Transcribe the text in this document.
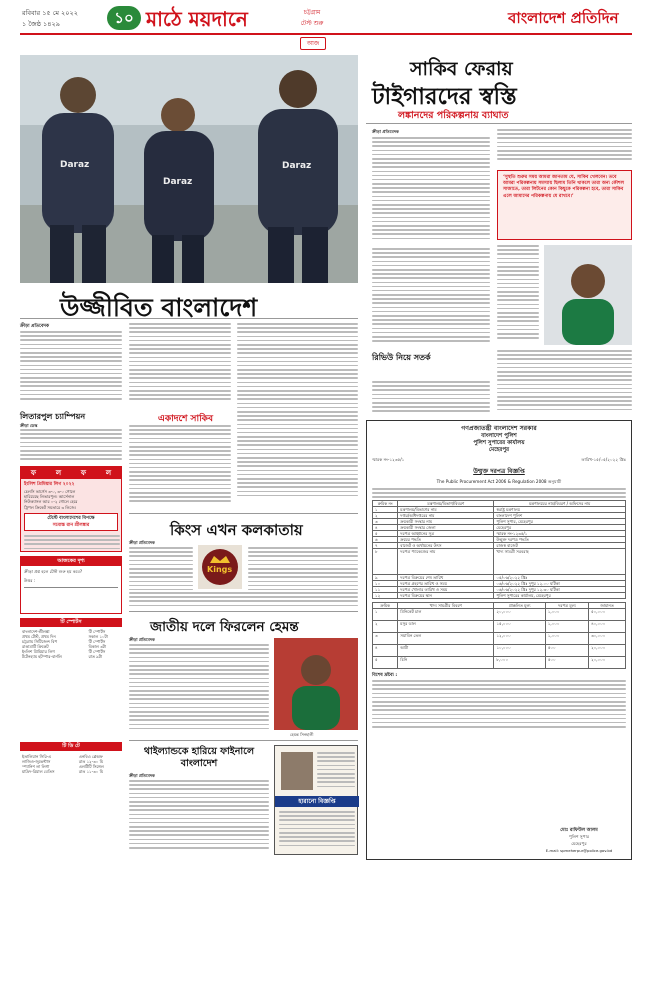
রবিবার ১৫ মে ২০২২
১ জৈষ্ঠ ১৪২৯	১০ মাঠে ময়দানে	চট্টগ্রাম
টেস্ট শুরু	বাংলাদেশ প্রতিদিন
আজ
Daraz
Daraz
Daraz
উজ্জীবিত বাংলাদেশ
ক্রীড়া প্রতিবেদক
একাদশে সাকিব
লিতারপুল চ্যাম্পিয়ন
ক্রীড়া ডেস্ক
ফ	ল	ফ	ল
ইংলিশ প্রিমিয়ার লিগ ২০২২
চেলসি ভার্সেস ৩-০, ৩-০ গোলে
হারিয়েছে লিভারপুল। আর্সেনাল
নিউক্যাসল আর ০-২ গোলে হেরে
ট্রিপল ক্রিকেট সমতারে ৩ লিজে।
টেস্টে বাংলাদেশের বিপক্ষে
সবোচ্চ রান শ্রীলঙ্কার
আজকের দৃশ্য
ক্রীড়া প্রশ্ন হলে টেস্ট শুরু হয় কবে?
উত্তর :
টি স্পোর্টস
বাংলাদেশ-শ্রীলঙ্কা	টি স্পোর্টস
প্রথম টেস্ট, প্রথম দিন	সকাল ১০টা
চট্টগ্রাম সিটিজেন্স বিপ	টি স্পোর্টস
রাঙামাটি ক্রিকেট	বিকাল ৩টা
ইংলিশ প্রিমিয়ার লিগ	টি স্পোর্টস
টটেনহ্যাম হটস্পার-বার্নলি	রাত ৯টা
টি ডি টে
ইতালিয়ান সিরি-এ	এনবিএ প্লেঅফ
লাজিও-জুভেন্টাস	রাত ১২-৩০ মি
স্প্যানিশ লা লিগা	এলটিটি সিঙ্গেল
মাদ্রিদ-রিয়াল বেতিস	রাত ১১-৩০ মি
কিংস এখন কলকাতায়
ক্রীড়া প্রতিবেদক
Kings
জাতীয় দলে ফিরলেন হেমন্ত
ক্রীড়া প্রতিবেদক
হেমন্ত সিনহালী
থাইল্যান্ডকে হারিয়ে ফাইনালে বাংলাদেশ
ক্রীড়া প্রতিবেদক
হারানো বিজ্ঞপ্তি
সাকিব ফেরায়
টাইগারদের স্বস্তি
লঙ্কানদের পরিকল্পনায় ব্যাঘাত
ক্রীড়া প্রতিবেদক
‘সুস্থতি শুরুর সময় আমরা জানতাম যে, সাকিব খেলবেন। তবে আমরা পরিকল্পনায় সমস্যায় ছিলাম তিনি থাকলে তারা অন্য কৌশল সাজাতে, তারা লিটনের কোন কিছুকে পরিকল্পনা হবে, তারা সাকিব এলে আমাদের পরিকল্পনায় যে রাখবে।’
রিভিউ নিয়ে সতর্ক
গণপ্রজাতন্ত্রী বাংলাদেশ সরকার
বাংলাদেশ পুলিশ
পুলিশ সুপারের কার্যালয়
মেহেরপুর
স্মারক নং-১২৩৫/১	তারিখ-১৫/০৫/২০২২ খ্রিঃ
উন্মুক্ত দরপত্র বিজ্ঞপ্তি
The Public Procurement Act 2006 & Regulation 2008 অনুযায়ী
ক্রমিক নং	মন্ত্রণালয়/বিভাগ/বিবরণ	মন্ত্রণালয়ের নাম/বিবরণ / অফিসের নাম
১	মন্ত্রণালয়/বিভাগের নাম	স্বরাষ্ট্র মন্ত্রণালয়
২	দপ্তর/অধিদপ্তরের নাম	বাংলাদেশ পুলিশ
৩	ক্রয়কারী সংস্থার নাম	পুলিশ সুপার, মেহেরপুর
৪	ক্রয়কারী সংস্থার জেলা	মেহেরপুর
৫	দরপত্র আহ্বানের সূত্র	স্মারক নং-১২৩৫/১
৬	ক্রয়ের পদ্ধতি	উন্মুক্ত দরপত্র পদ্ধতি
৭	বাজেট ও অর্থায়নের উৎস	রাজস্ব বাজেট
৮	দরপত্র প্যাকেজের নাম	খাদ্য সামগ্রী সরবরাহ
৯	দরপত্র বিক্রয়ের শেষ তারিখ	০৫/০৬/২০২২ খ্রিঃ
১০	দরপত্র গ্রহণের তারিখ ও সময়	০৬/০৬/২০২২ খ্রিঃ দুপুর ১২.০০ ঘটিকা
১১	দরপত্র খোলার তারিখ ও সময়	০৬/০৬/২০২২ খ্রিঃ দুপুর ১২.৩০ ঘটিকা
১২	দরপত্র বিক্রয়ের স্থান	পুলিশ সুপারের কার্যালয়, মেহেরপুর
ক্রমিক	খাদ্য সামগ্রীর বিবরণ	প্রাক্কলিত মূল্য	দরপত্র মূল্য	জামানত
১	মিনিকেট চাল	২০,০০০	১,০০০	৫০,০০০
২	মসুর ডাল	১৫,০০০	১,০০০	৪০,০০০
৩	সয়াবিন তেল	১২,০০০	১,০০০	৩০,০০০
৪	আটা	১০,০০০	৫০০	২০,০০০
৫	চিনি	৮,০০০	৫০০	২০,০০০
বিশেষ দ্রষ্টব্য :
মোঃ রাফিউল আলম
পুলিশ সুপার
মেহেরপুর
E-mail: spmeherpur@police.gov.bd
